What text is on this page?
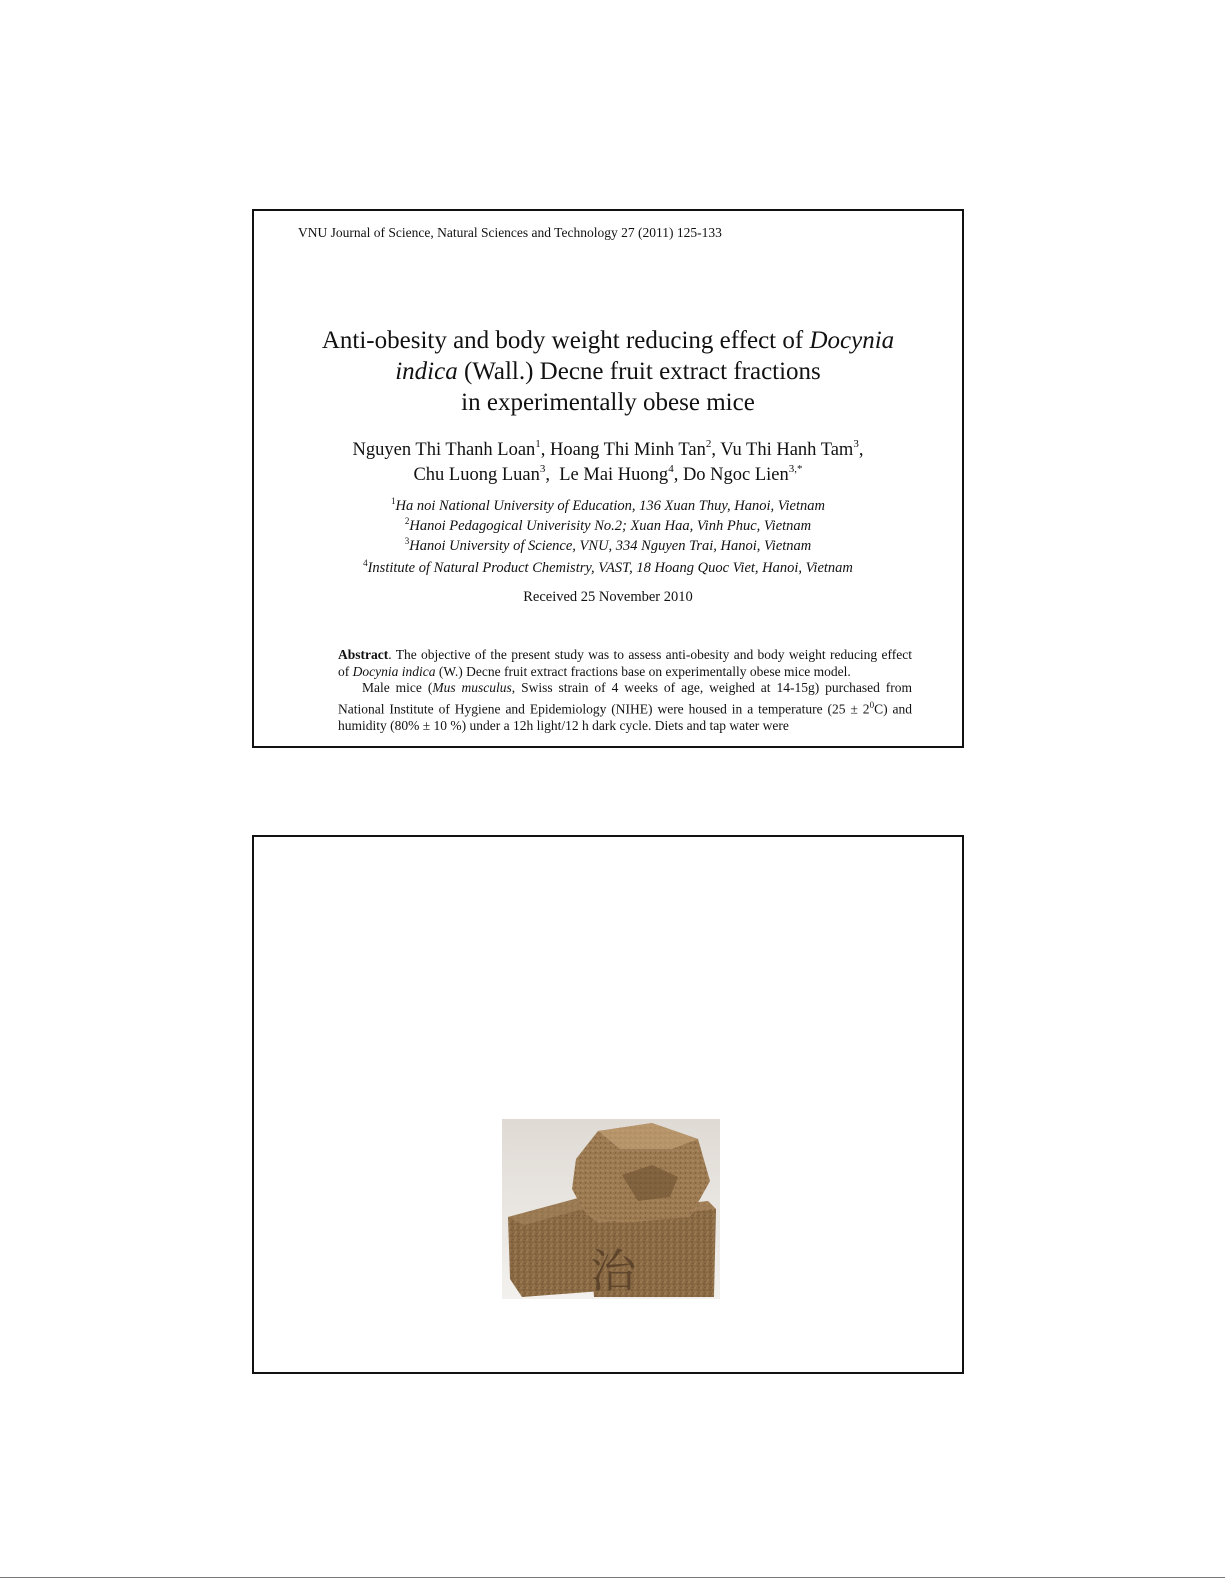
VNU Journal of Science, Natural Sciences and Technology 27 (2011) 125-133
Anti-obesity and body weight reducing effect of Docynia
indica (Wall.) Decne fruit extract fractions
in experimentally obese mice
Nguyen Thi Thanh Loan$^1$, Hoang Thi Minh Tan$^2$, Vu Thi Hanh Tam$^3$,
Chu Luong Luan$^3$,  Le Mai Huong$^4$, Do Ngoc Lien$^{3,*}$
$^1$Ha noi National University of Education, 136 Xuan Thuy, Hanoi, Vietnam
$^2$Hanoi Pedagogical Univerisity No.2; Xuan Haa, Vinh Phuc, Vietnam
$^3$Hanoi University of Science, VNU, 334 Nguyen Trai, Hanoi, Vietnam
$^4$Institute of Natural Product Chemistry, VAST, 18 Hoang Quoc Viet, Hanoi, Vietnam
Received 25 November 2010

Abstract. The objective of the present study was to assess anti-obesity and body weight reducing effect of Docynia indica (W.) Decne fruit extract fractions base on experimentally obese mice model.

Male mice (Mus musculus, Swiss strain of 4 weeks of age, weighed at 14-15g) purchased from National Institute of Hygiene and Epidemiology (NIHE) were housed in a temperature $(25 \pm 2^0C)$ and humidity (80% ± 10 %) under a 12h light/12 h dark cycle. Diets and tap water were

治
